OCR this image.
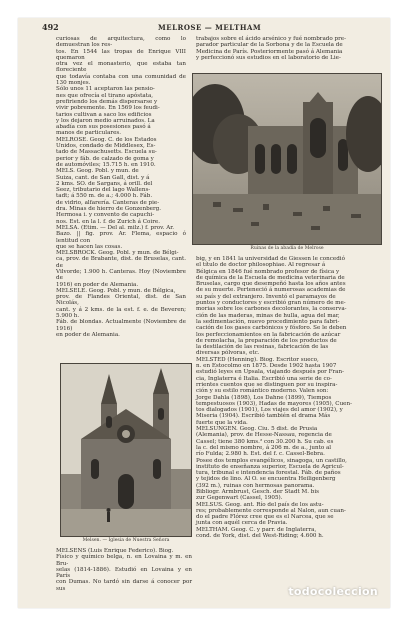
492	MELROSE — MELTHAM
curiosas de arquitectura, como lo demuestran los res-
tos. En 1544 las tropas de Enrique VIII quemaron
otra vez el monasterio, que estaba tan floreciente
que todavía contaba con una comunidad de 130 monjes.
Sólo unos 11 aceptaron las pensio-
nes que ofrecía el tirano apóstata,
prefiriendo los demás dispersarse y
vivir pobremente. En 1569 los feudi-
tarios cultivan a saco los edificios
y los dejaron medio arruinados. La
abadía con sus posesiones pasó á
manos de particulares.
MELROSE. Geog. C. de los Estados
Unidos, condado de Middlesex, Es-
tado de Massachusetts. Escuela su-
perior y fáb. de calzado de goma y
de automóviles; 15.715 h. en 1910.
MELS. Geog. Pobl. y mun. de
Suiza, cant. de San Gall, dist. y á
2 kms. SO. de Sargans, á orill. del
Seez, tributario del lago Wallens-
tadt; á 550 m. de a.; 4.000 h. Fáb.
de vidrio, alfarería. Canteras de pie-
dra. Minas de hierro de Gonzenberg.
Hermosa i. y convento de capuchi-
nos. Est. en la l. f. de Zurich á Coire.
MELSA. (Etim. — Del al. milz.) f. prov. Ar.
Bazo. || fig. prov. Ar. Flema, espacio ó lentitud con
que se hacen las cosas.
MELSBROCK. Geog. Pobl. y mun. de Bélgi-
ca, prov. de Brabante, dist. de Bruselas, cant. de
Vilvorde; 1.900 h. Canteras. Hoy (Noviembre de
1916) en poder de Alemania.
MELSELE. Geog. Pobl. y mun. de Bélgica,
prov. de Flandes Oriental, dist. de San Nicolás,
cant. y á 2 kms. de la est. f. e. de Beveren; 5.900 h.
Fáb. de blondas. Actualmente (Noviembre de 1916)
en poder de Alemania.
trabajos sobre el ácido arsénico y fué nombrado pre-
parador particular de la Sorbona y de la Escuela de
Medicina de París. Posteriormente pasó á Alemania
y perfeccionó sus estudios en el laboratorio de Lie-
Ruinas de la abadía de Melrose
big, y en 1841 la universidad de Giessen le concedió
el título de doctor philosophiae. Al regresar á
Bélgica en 1846 fué nombrado profesor de física y
de química de la Escuela de medicina veterinaria de
Bruselas, cargo que desempeñó hasta los años antes
de su muerte. Perteneció á numerosas academias de
su país y del extranjero. Inventó el paramayos de
puntos y conductores y escribió gran número de me-
morias sobre los carbones decolorantes, la conserva-
ción de las maderas, minas de hulla, agua del mar,
la sedimentación, nuevo procedimiento para fabri-
cación de los gases carbónicos y fósforo. Se le deben
los perfeccionamientos en la fabricación de azúcar
de remolacha, la preparación de los productos de
la destilación de las resinas, fabricación de las
diversas pólvoras, etc.
MELSTED (Henning). Biog. Escritor sueco,
n. en Estocolmo en 1875. Desde 1902 hasta 1907
estudió leyes en Upsala, viajando después por Fran-
cia, Inglaterra é Italia. Escribió una serie de co-
rrientes cuentos que se distinguen por su inspira-
ción y su estilo romántico moderno. Valen son:
Jorge Dahla (1898), Los Dahne (1899), Tiempos
tempestuosos (1903), Hadas de mayores (1905), Cuen-
tos dialogados (1901), Los viajes del amor (1902), y
Miseria (1904). Escribió también el drama Más
fuerte que la vida.
MELSUNGEN. Geog. Ciu. 5 dist. de Prusia
(Alemania), prov. de Hesse-Nassau, regencia de
Cassel; tiene 380 kms.² con 30.200 h. Su cab. es
la c. del mismo nombre, á 206 m. de a., junto al
río Fulda; 2.980 h. Est. del f. c. Cassel-Bebra.
Posee dos templos evangélicos, sinagoga, un castillo,
instituto de enseñanza superior, Escuela de Agricul-
tura, tribunal e intendencia forestal. Fáb. de paños
y tejidos de lino. Al O. se encuentra Heiligenberg
(392 m.), ruinas con hermosas panorama.
Bibliogr. Armbrust, Gesch. der Stadt M. bis
zur Gegenwart (Cassel, 1905).
MELSUS. Geog. ant. Río del país de los astu-
res; probablemente corresponde al Nalon, aun cuan-
do el padre Flórez cree que es el Narcea, que se
junta con aquél cerca de Pravia.
MELTHAM. Geog. C. y parr. de Inglaterra,
cond. de York, dist. del West-Riding; 4.600 h.
Melsen. — Iglesia de Nuestra Señora
MELSENS (Luis Enrique Federico). Biog.
Físico y químico belga, n. en Lovaina y m. en Bru-
selas (1814-1886). Estudió en Lovaina y en París
con Dumas. No tardó sin darse á conocer por sus	todocoleccion
